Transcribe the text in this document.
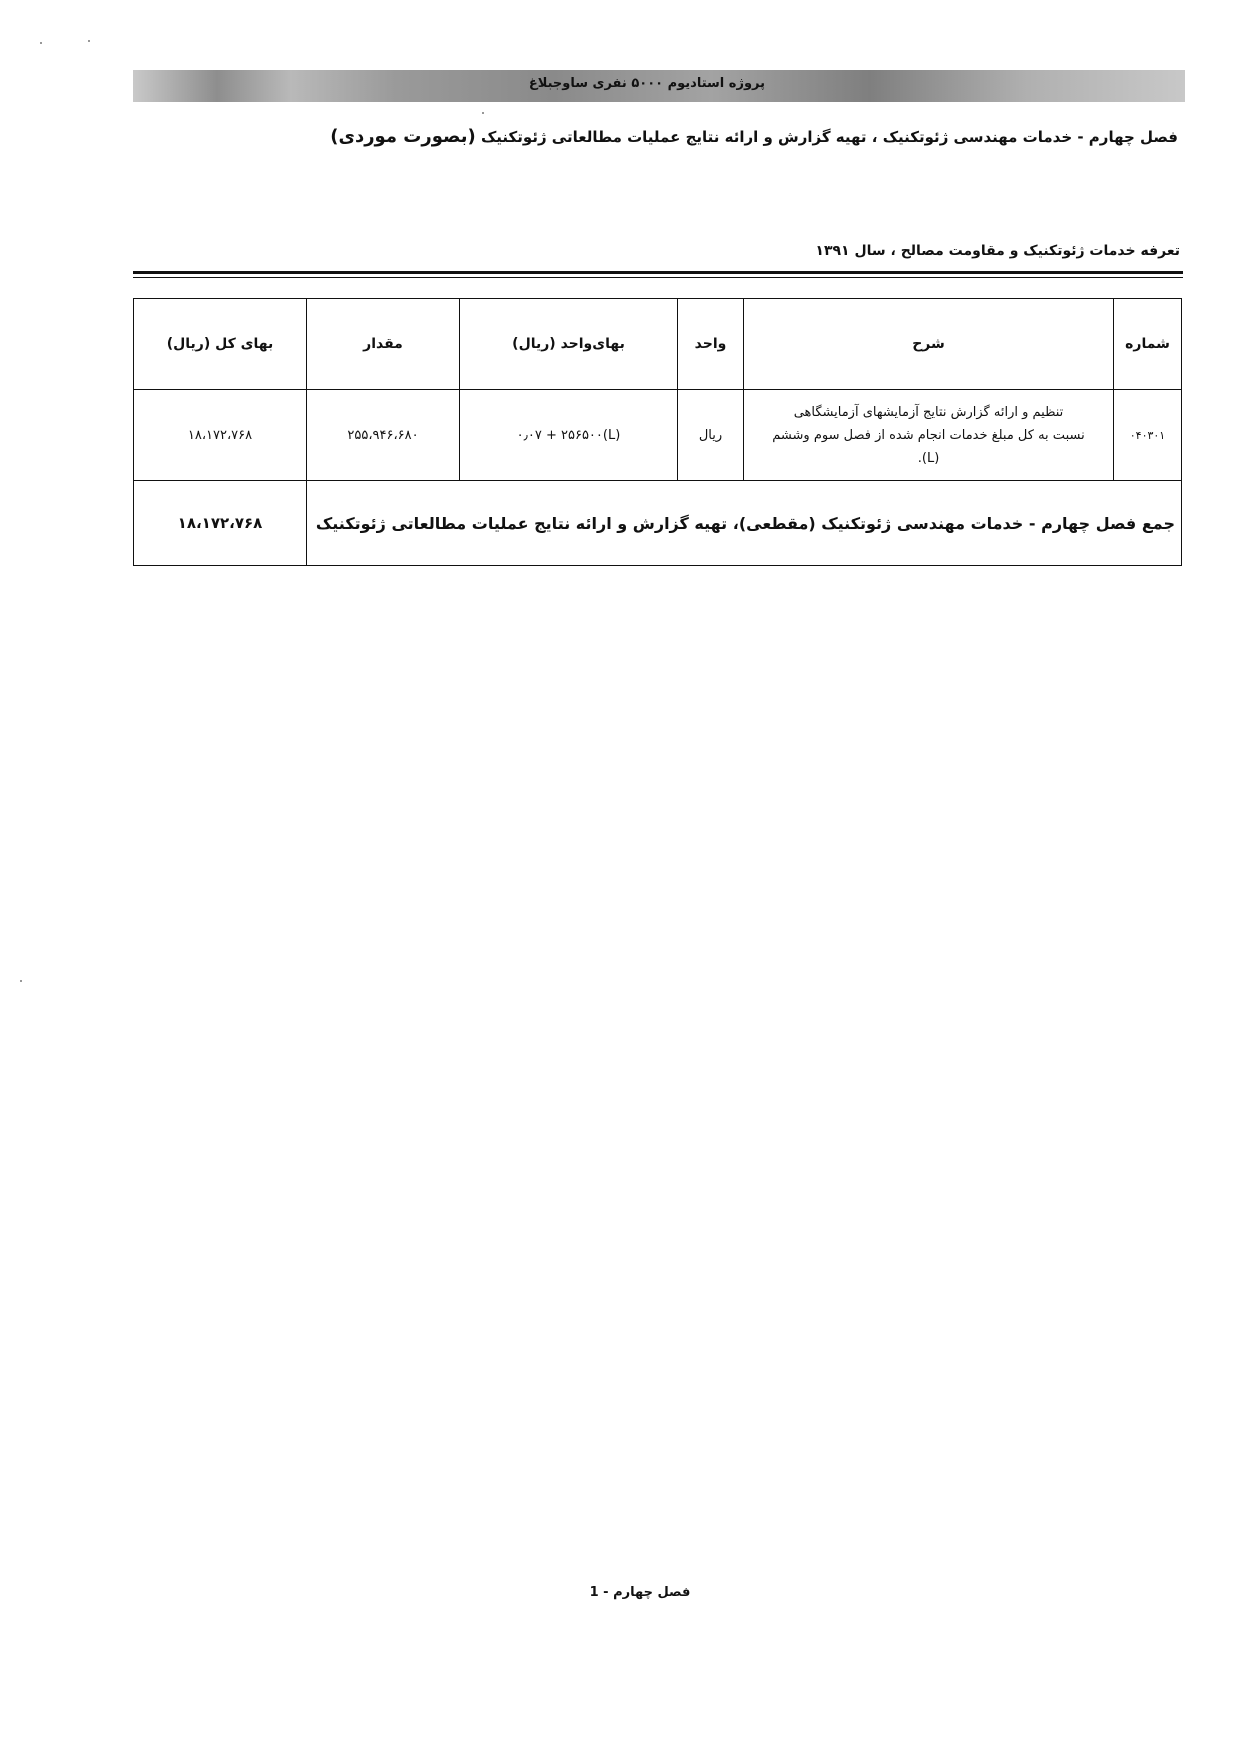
پروژه استادیوم ۵۰۰۰ نفری ساوجبلاغ
فصل چهارم - خدمات مهندسی ژئوتکنیک ، تهیه گزارش و ارائه نتایج عملیات مطالعاتی ژئوتکنیک (بصورت موردی)
تعرفه خدمات ژئوتکنیک و مقاومت مصالح ، سال ۱۳۹۱
شماره	شرح	واحد	بهای‌واحد (ریال)	مقدار	بهای کل (ریال)
۰۴۰۳۰۱	تنظیم و ارائه گزارش نتایج آزمایشهای آزمایشگاهی
نسبت به کل مبلغ خدمات انجام شده از فصل سوم وششم
(L).	ریال	(L)۰٫۰۷ + ۲۵۶۵۰۰	۲۵۵،۹۴۶،۶۸۰	۱۸،۱۷۲،۷۶۸
جمع فصل چهارم - خدمات مهندسی ژئوتکنیک (مقطعی)، تهیه گزارش و ارائه نتایج عملیات مطالعاتی ژئوتکنیک					۱۸،۱۷۲،۷۶۸
فصل چهارم - 1
